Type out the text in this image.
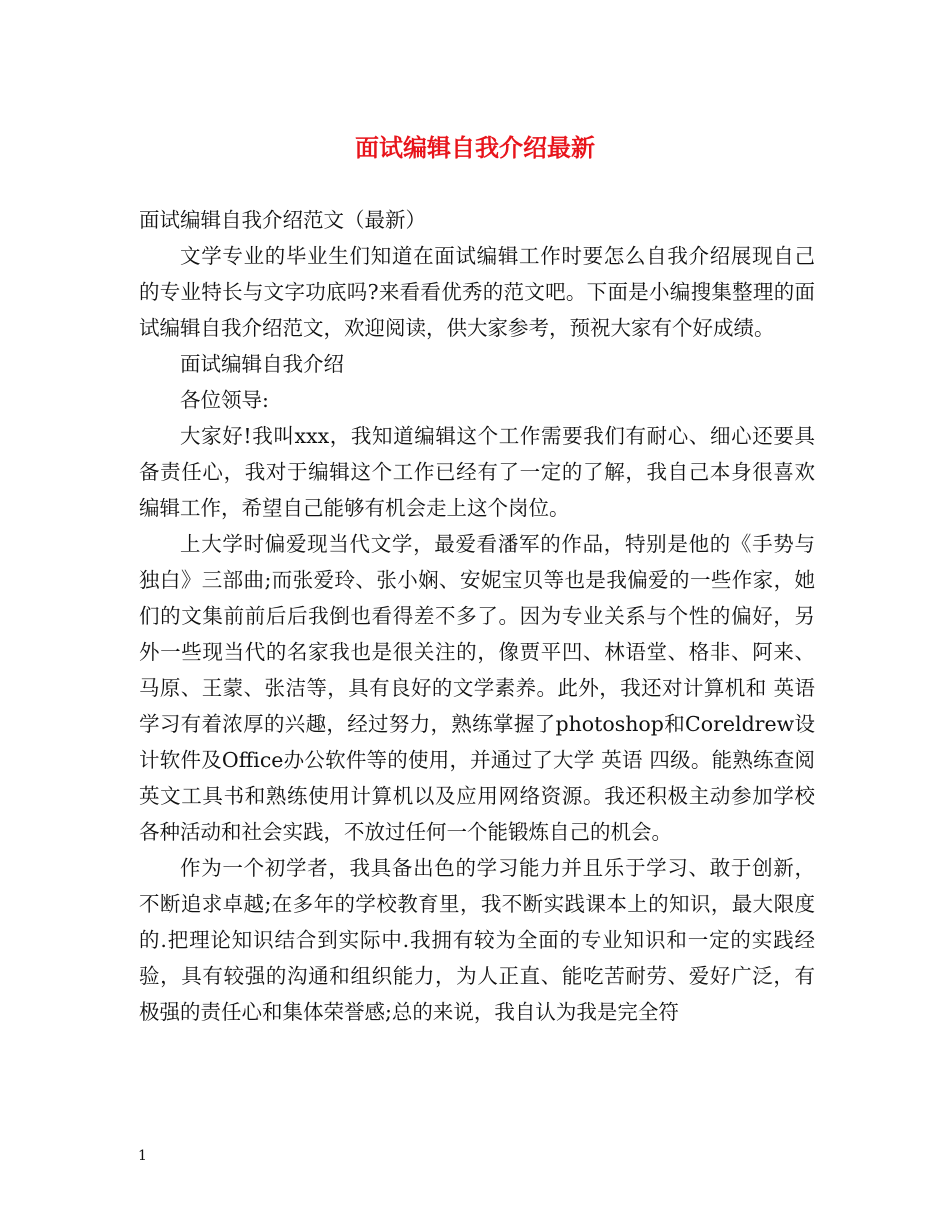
面试编辑自我介绍最新

面试编辑自我介绍范文（最新）

文学专业的毕业生们知道在面试编辑工作时要怎么自我介绍展现自己的专业特长与文字功底吗?来看看优秀的范文吧。下面是小编搜集整理的面试编辑自我介绍范文，欢迎阅读，供大家参考，预祝大家有个好成绩。

面试编辑自我介绍

各位领导:

大家好!我叫xxx，我知道编辑这个工作需要我们有耐心、细心还要具备责任心，我对于编辑这个工作已经有了一定的了解，我自己本身很喜欢编辑工作，希望自己能够有机会走上这个岗位。

上大学时偏爱现当代文学，最爱看潘军的作品，特别是他的《手势与独白》三部曲;而张爱玲、张小娴、安妮宝贝等也是我偏爱的一些作家，她们的文集前前后后我倒也看得差不多了。因为专业关系与个性的偏好，另外一些现当代的名家我也是很关注的，像贾平凹、林语堂、格非、阿来、马原、王蒙、张洁等，具有良好的文学素养。此外，我还对计算机和 英语 学习有着浓厚的兴趣，经过努力，熟练掌握了photoshop和Coreldrew设计软件及Office办公软件等的使用，并通过了大学 英语 四级。能熟练查阅英文工具书和熟练使用计算机以及应用网络资源。我还积极主动参加学校各种活动和社会实践，不放过任何一个能锻炼自己的机会。

作为一个初学者，我具备出色的学习能力并且乐于学习、敢于创新，不断追求卓越;在多年的学校教育里，我不断实践课本上的知识，最大限度的.把理论知识结合到实际中.我拥有较为全面的专业知识和一定的实践经验，具有较强的沟通和组织能力，为人正直、能吃苦耐劳、爱好广泛，有极强的责任心和集体荣誉感;总的来说，我自认为我是完全符

1
